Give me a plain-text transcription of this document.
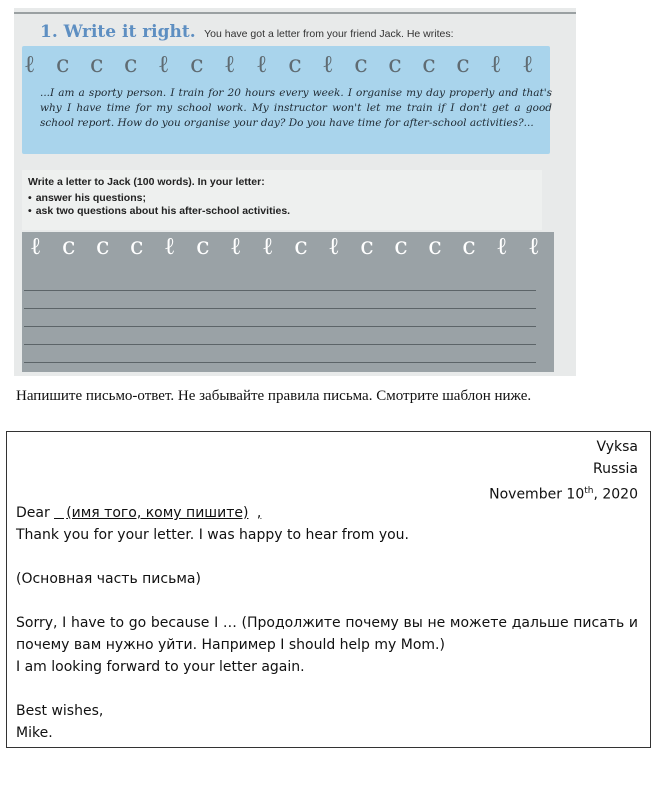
1. Write it right. You have got a letter from your friend Jack. He writes:
ℓ c c c ℓ c ℓ ℓ c ℓ c c c c ℓ ℓ
...I am a sporty person. I train for 20 hours every week. I organise my day properly and that's why I have time for my school work. My instructor won't let me train if I don't get a good school report. How do you organise your day? Do you have time for after-school activities?...
Write a letter to Jack (100 words). In your letter:
• answer his questions;
• ask two questions about his after-school activities.
ℓ c c c ℓ c ℓ ℓ c ℓ c c c c ℓ ℓ
Напишите письмо-ответ. Не забывайте правила письма. Смотрите шаблон ниже.
Vyksa
Russia
November 10th, 2020
Dear (имя того, кому пишите) ,
Thank you for your letter. I was happy to hear from you.
(Основная часть письма)
Sorry, I have to go because I … (Продолжите почему вы не можете дальше писать и почему вам нужно уйти. Например I should help my Mom.)
I am looking forward to your letter again.
Best wishes,
Mike.
